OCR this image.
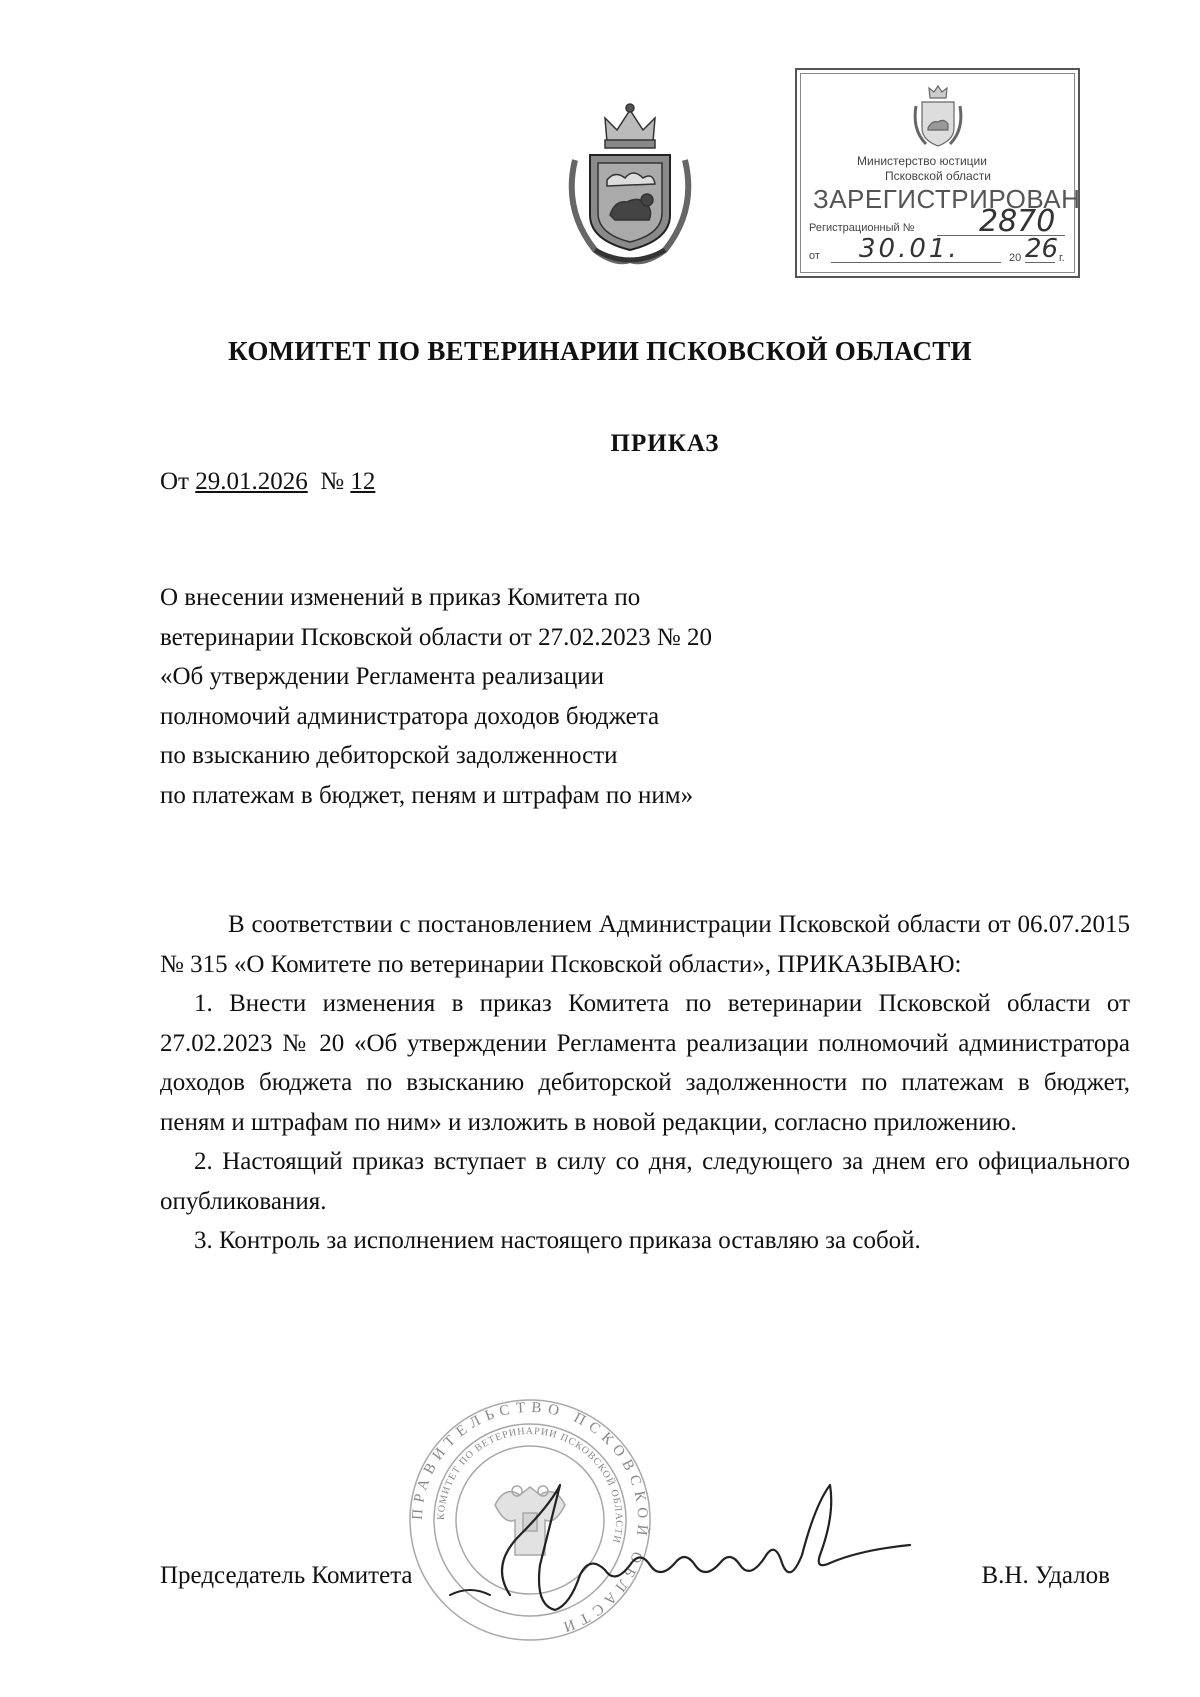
Министерство юстиции
Псковской области
ЗАРЕГИСТРИРОВАН
Регистрационный № 2870
от 30.01.	20 26 г.
КОМИТЕТ ПО ВЕТЕРИНАРИИ ПСКОВСКОЙ ОБЛАСТИ
ПРИКАЗ
От 29.01.2026 № 12
О внесении изменений в приказ Комитета по
ветеринарии Псковской области от 27.02.2023 № 20
«Об утверждении Регламента реализации
полномочий администратора доходов бюджета
по взысканию дебиторской задолженности
по платежам в бюджет, пеням и штрафам по ним»

В соответствии с постановлением Администрации Псковской области от 06.07.2015 № 315 «О Комитете по ветеринарии Псковской области», ПРИКАЗЫВАЮ:

1. Внести изменения в приказ Комитета по ветеринарии Псковской области от 27.02.2023 № 20 «Об утверждении Регламента реализации полномочий администратора доходов бюджета по взысканию дебиторской задолженности по платежам в бюджет, пеням и штрафам по ним» и изложить в новой редакции, согласно приложению.

2. Настоящий приказ вступает в силу со дня, следующего за днем его официального опубликования.

3. Контроль за исполнением настоящего приказа оставляю за собой.

ПРАВИТЕЛЬСТВО ПСКОВСКОЙ ОБЛАСТИ
КОМИТЕТ ПО ВЕТЕРИНАРИИ ПСКОВСКОЙ ОБЛАСТИ
Председатель Комитета	В.Н. Удалов
